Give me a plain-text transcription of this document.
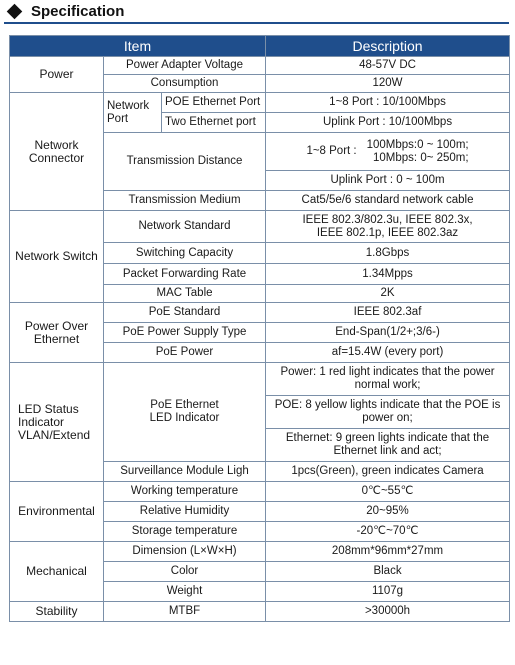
Specification
Item			Description
Power	Power Adapter Voltage		48-57V DC
	Consumption		120W
Network Connector	Network Port	POE Ethernet Port	1~8 Port : 10/100Mbps
		Two Ethernet port	Uplink Port : 10/100Mbps
	Transmission Distance		1~8 Port :
100Mbps:0 ~ 100m;
10Mbps: 0~ 250m;

			Uplink Port : 0 ~ 100m
	Transmission Medium		Cat5/5e/6 standard network cable
Network Switch	Network Standard		IEEE 802.3/802.3u, IEEE 802.3x,
IEEE 802.1p, IEEE 802.3az

	Switching Capacity		1.8Gbps
	Packet Forwarding Rate		1.34Mpps
	MAC Table		2K
Power Over Ethernet	PoE Standard		IEEE 802.3af
	PoE Power Supply Type		End-Span(1/2+;3/6-)
	PoE Power		af=15.4W (every port)
LED Status Indicator VLAN/Extend	PoE Ethernet LED Indicator		Power: 1 red light indicates that the power normal work;
			POE: 8 yellow lights indicate that the POE is power on;
			Ethernet: 9 green lights indicate that the Ethernet link and act;
	Surveillance Module Ligh		1pcs(Green), green indicates Camera
Environmental	Working temperature		0℃~55℃
	Relative Humidity		20~95%
	Storage temperature		-20℃~70℃
Mechanical	Dimension (L×W×H)		208mm*96mm*27mm
	Color		Black
	Weight		1107g
Stability	MTBF		>30000h
